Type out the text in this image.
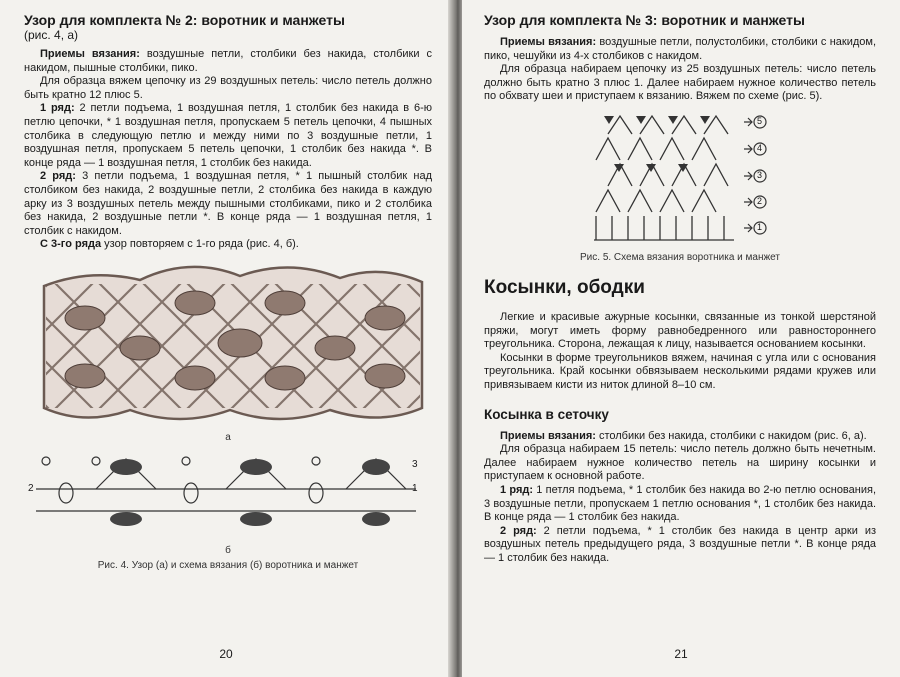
Узор для комплекта № 2: воротник и манжеты
(рис. 4, а)

Приемы вязания: воздушные петли, столбики без накида, столбики с накидом, пышные столбики, пико.

Для образца вяжем цепочку из 29 воздушных петель: число петель должно быть кратно 12 плюс 5.

1 ряд: 2 петли подъема, 1 воздушная петля, 1 столбик без накида в 6-ю петлю цепочки, * 1 воздушная петля, пропускаем 5 петель цепочки, 4 пышных столбика в следующую петлю и между ними по 3 воздушные петли, 1 воздушная петля, пропускаем 5 петель цепочки, 1 столбик без накида *. В конце ряда — 1 воздушная петля, 1 столбик без накида.

2 ряд: 3 петли подъема, 1 воздушная петля, * 1 пышный столбик над столбиком без накида, 2 воздушные петли, 2 столбика без накида в каждую арку из 3 воздушных петель между пышными столбиками, пико и 2 столбика без накида, 2 воздушные петли *. В конце ряда — 1 воздушная петля, 1 столбик с накидом.

С 3-го ряда узор повторяем с 1-го ряда (рис. 4, б).

а
2
3
1
б
Рис. 4. Узор (а) и схема вязания (б) воротника и манжет
20
Узор для комплекта № 3: воротник и манжеты

Приемы вязания: воздушные петли, полустолбики, столбики с накидом, пико, чешуйки из 4-х столбиков с накидом.

Для образца набираем цепочку из 25 воздушных петель: число петель должно быть кратно 3 плюс 1. Далее набираем нужное количество петель по обхвату шеи и приступаем к вязанию. Вяжем по схеме (рис. 5).

5
4
3
2
1
Рис. 5. Схема вязания воротника и манжет
Косынки, ободки

Легкие и красивые ажурные косынки, связанные из тонкой шерстяной пряжи, могут иметь форму равнобедренного или равностороннего треугольника. Сторона, лежащая к лицу, называется основанием косынки.

Косынки в форме треугольников вяжем, начиная с угла или с основания треугольника. Край косынки обвязываем несколькими рядами кружев или привязываем кисти из ниток длиной 8–10 см.

Косынка в сеточку

Приемы вязания: столбики без накида, столбики с накидом (рис. 6, а).

Для образца набираем 15 петель: число петель должно быть нечетным. Далее набираем нужное количество петель на ширину косынки и приступаем к основной работе.

1 ряд: 1 петля подъема, * 1 столбик без накида во 2-ю петлю основания, 3 воздушные петли, пропускаем 1 петлю основания *, 1 столбик без накида. В конце ряда — 1 столбик без накида.

2 ряд: 2 петли подъема, * 1 столбик без накида в центр арки из воздушных петель предыдущего ряда, 3 воздушные петли *. В конце ряда — 1 столбик без накида.

21
